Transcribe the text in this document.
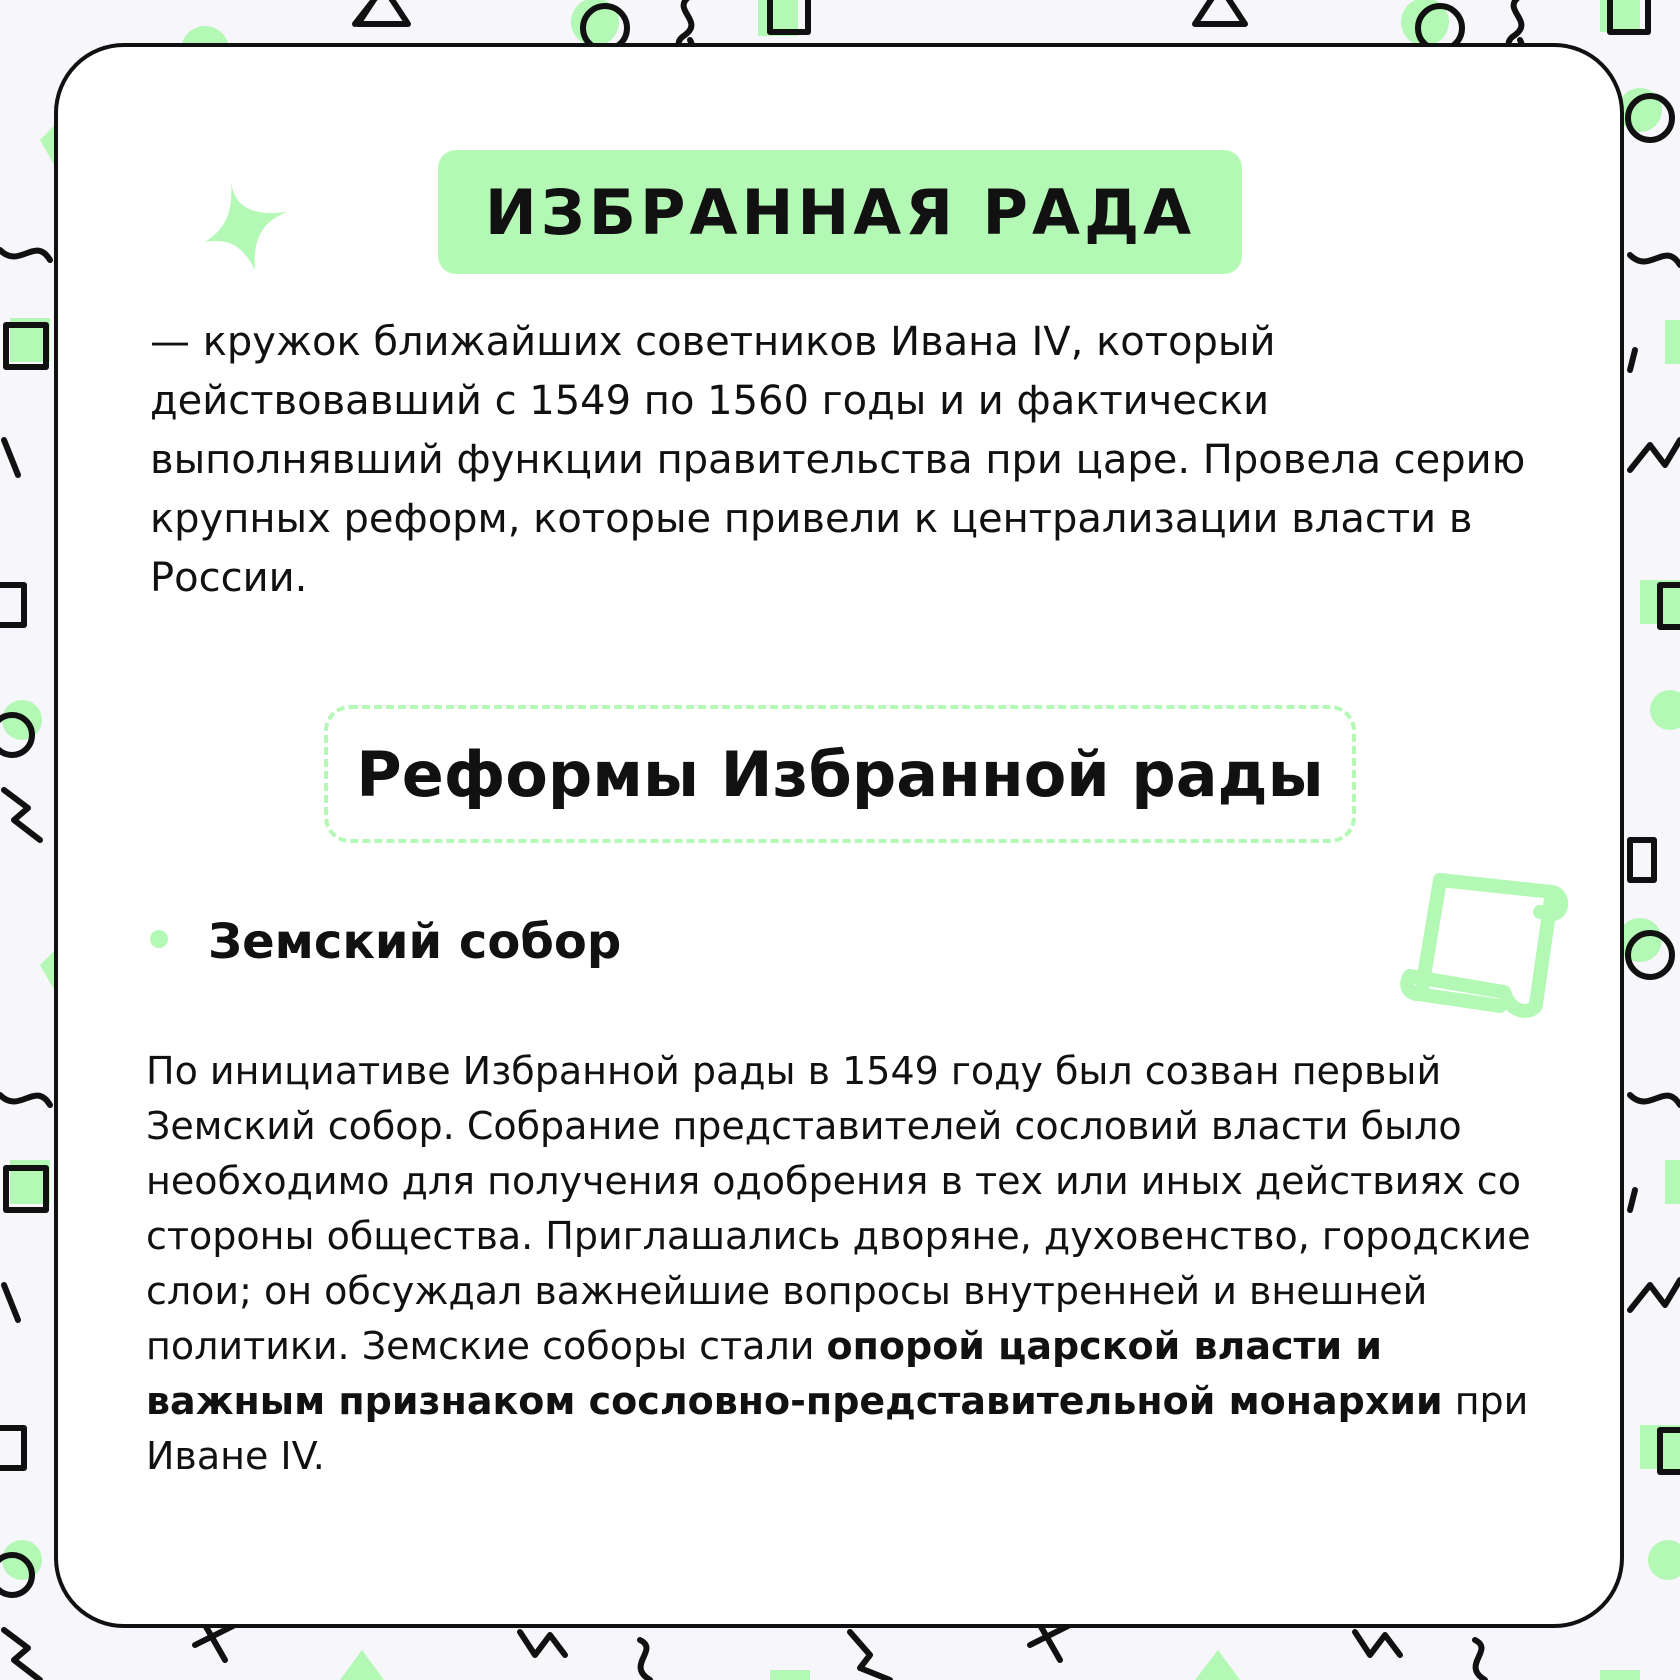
ИЗБРАННАЯ РАДА

— кружок ближайших советников Ивана IV, который действовавший с 1549 по 1560 годы и и фактически выполнявший функции правительства при царе. Провела серию крупных реформ, которые привели к централизации власти в России.

Реформы Избранной рады
Земский собор

По инициативе Избранной рады в 1549 году был созван первый Земский собор. Собрание представителей сословий власти было необходимо для получения одобрения в тех или иных действиях со стороны общества. Приглашались дворяне, духовенство, городские слои; он обсуждал важнейшие вопросы внутренней и внешней политики. Земские соборы стали опорой царской власти и важным признаком сословно-представительной монархии при Иване IV.
